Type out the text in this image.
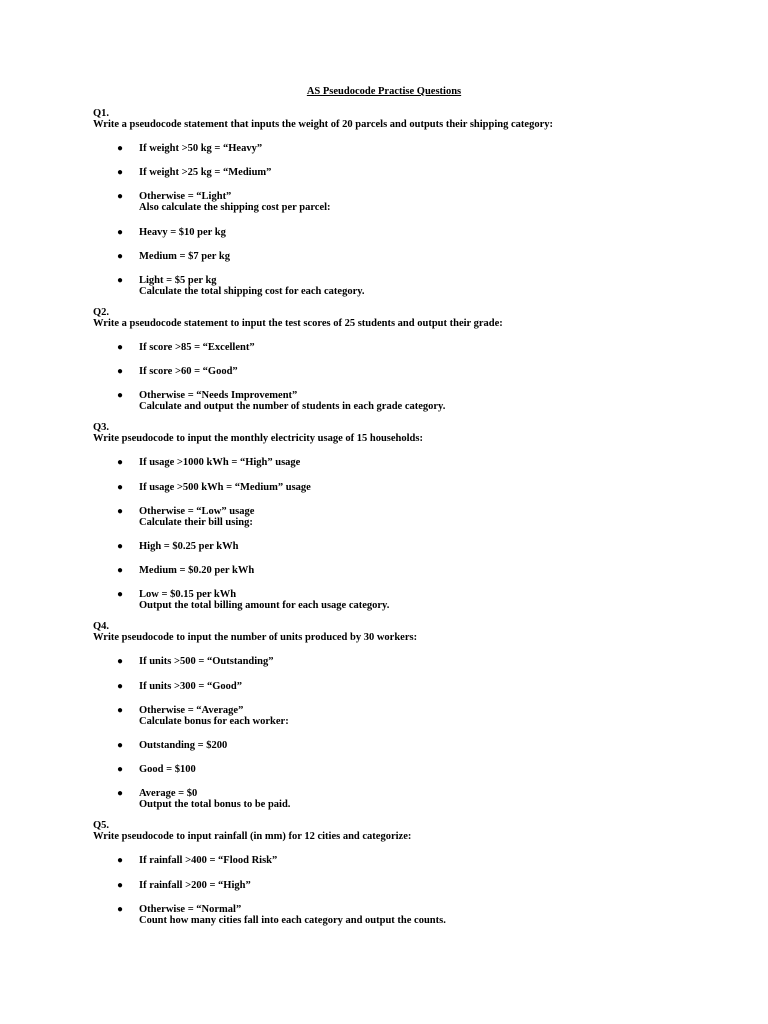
AS Pseudocode Practise Questions
Q1.
Write a pseudocode statement that inputs the weight of 20 parcels and outputs their shipping category:
● If weight >50 kg = “Heavy”
● If weight >25 kg = “Medium”
● Otherwise = “Light”
Also calculate the shipping cost per parcel:
● Heavy = $10 per kg
● Medium = $7 per kg
● Light = $5 per kg
Calculate the total shipping cost for each category.
Q2.
Write a pseudocode statement to input the test scores of 25 students and output their grade:
● If score >85 = “Excellent”
● If score >60 = “Good”
● Otherwise = “Needs Improvement”
Calculate and output the number of students in each grade category.
Q3.
Write pseudocode to input the monthly electricity usage of 15 households:
● If usage >1000 kWh = “High” usage
● If usage >500 kWh = “Medium” usage
● Otherwise = “Low” usage
Calculate their bill using:
● High = $0.25 per kWh
● Medium = $0.20 per kWh
● Low = $0.15 per kWh
Output the total billing amount for each usage category.
Q4.
Write pseudocode to input the number of units produced by 30 workers:
● If units >500 = “Outstanding”
● If units >300 = “Good”
● Otherwise = “Average”
Calculate bonus for each worker:
● Outstanding = $200
● Good = $100
● Average = $0
Output the total bonus to be paid.
Q5.
Write pseudocode to input rainfall (in mm) for 12 cities and categorize:
● If rainfall >400 = “Flood Risk”
● If rainfall >200 = “High”
● Otherwise = “Normal”
Count how many cities fall into each category and output the counts.
